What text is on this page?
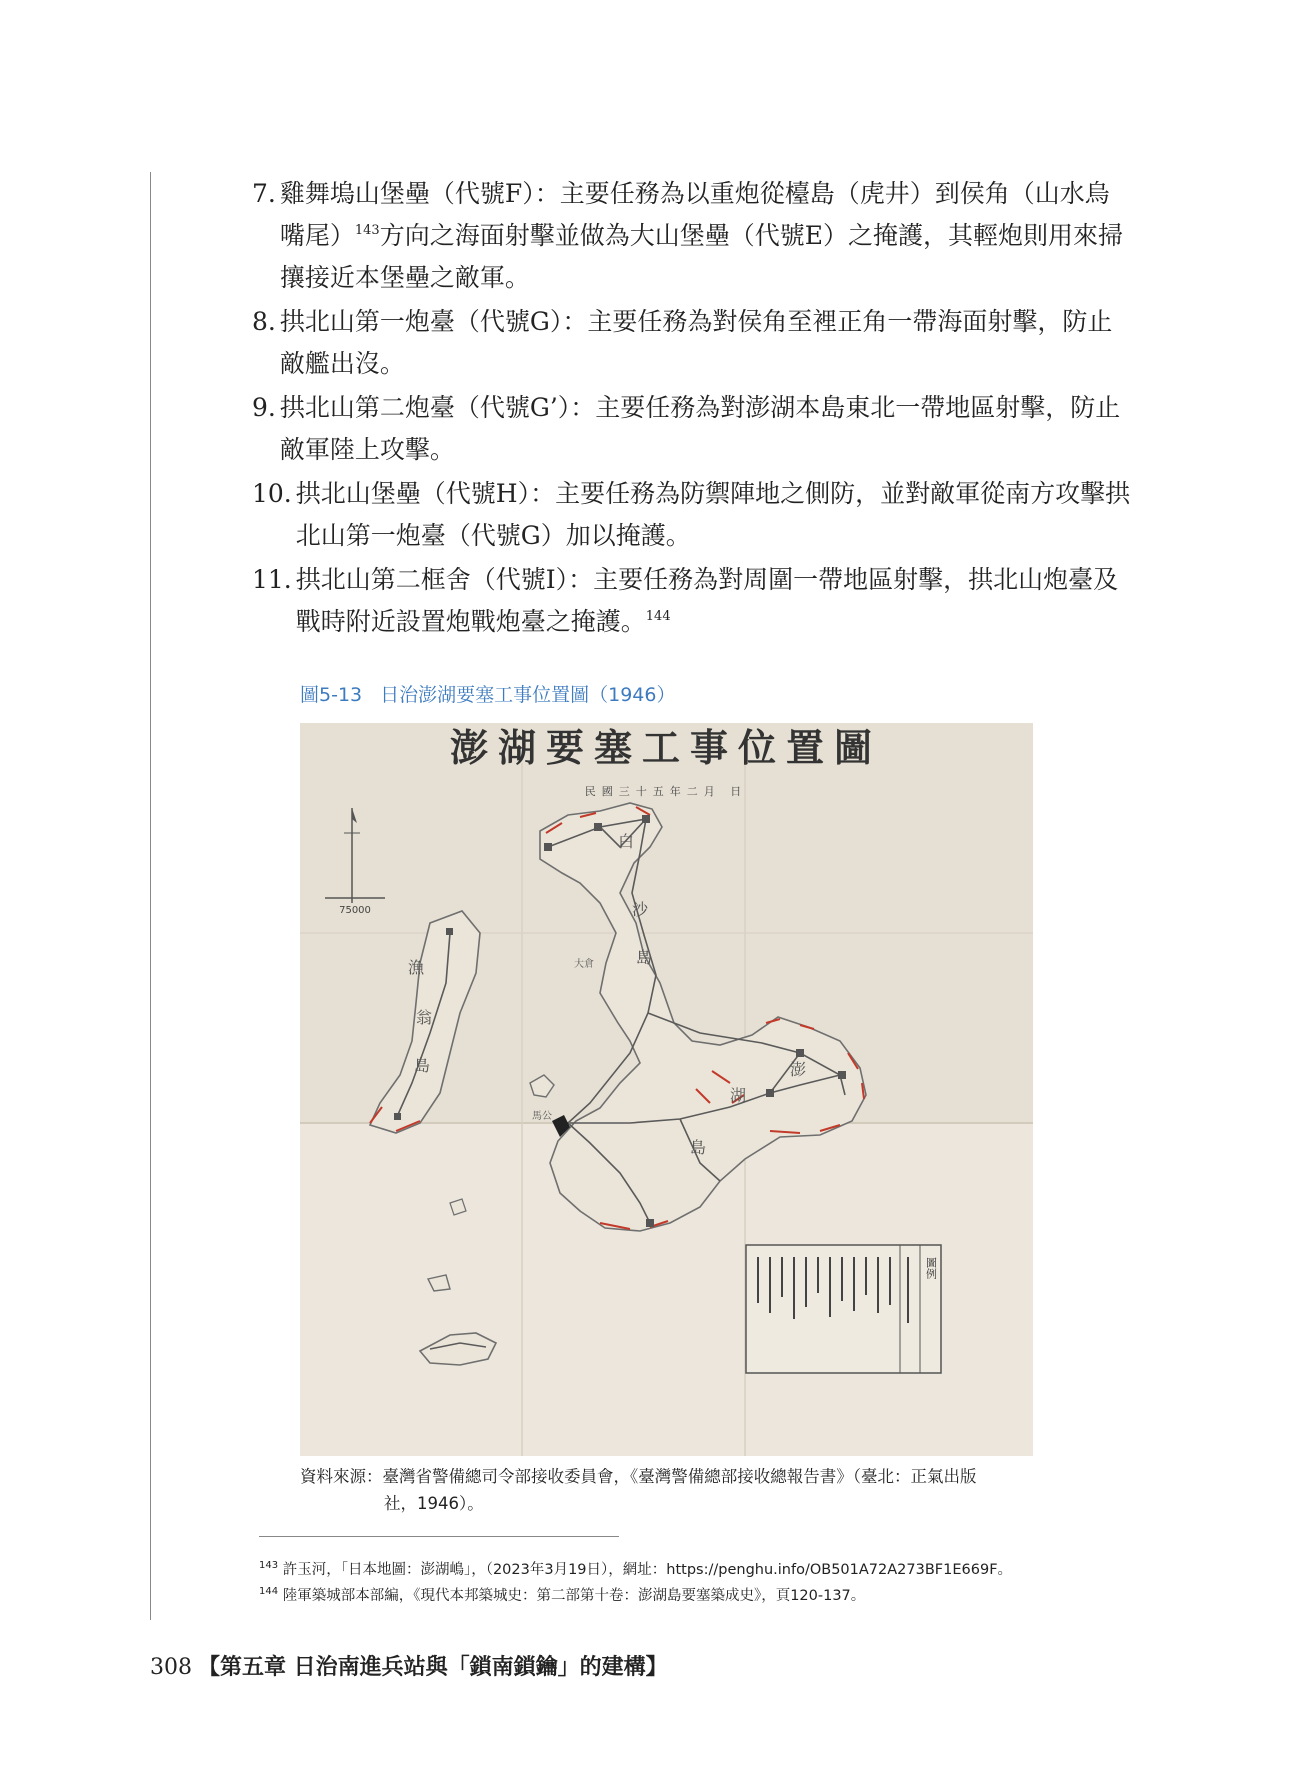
7. 雞舞塢山堡壘（代號F）：主要任務為以重炮從檯島（虎井）到侯角（山水烏嘴尾）$^{143}$方向之海面射擊並做為大山堡壘（代號E）之掩護，其輕炮則用來掃攘接近本堡壘之敵軍。
8. 拱北山第一炮臺（代號G）：主要任務為對侯角至裡正角一帶海面射擊，防止敵艦出沒。
9. 拱北山第二炮臺（代號G’）：主要任務為對澎湖本島東北一帶地區射擊，防止敵軍陸上攻擊。
10. 拱北山堡壘（代號H）：主要任務為防禦陣地之側防，並對敵軍從南方攻擊拱北山第一炮臺（代號G）加以掩護。
11. 拱北山第二框舍（代號I）：主要任務為對周圍一帶地區射擊，拱北山炮臺及戰時附近設置炮戰炮臺之掩護。$^{144}$
圖5-13 日治澎湖要塞工事位置圖（1946）
澎湖要塞工事位置圖
民國三十五年二月 日
75000
白
沙
島
漁
翁
島
湖
島
澎
大倉
馬公
圖例
資料來源：臺灣省警備總司令部接收委員會，《臺灣警備總部接收總報告書》（臺北：正氣出版
社，1946）。
$^{143}$ 許玉河，「日本地圖：澎湖嶋」，（2023年3月19日），網址：https://penghu.info/OB501A72A273BF1E669F。
$^{144}$ 陸軍築城部本部編，《現代本邦築城史：第二部第十卷：澎湖島要塞築成史》，頁120-137。
308 【第五章 日治南進兵站與「鎖南鎖鑰」的建構】
